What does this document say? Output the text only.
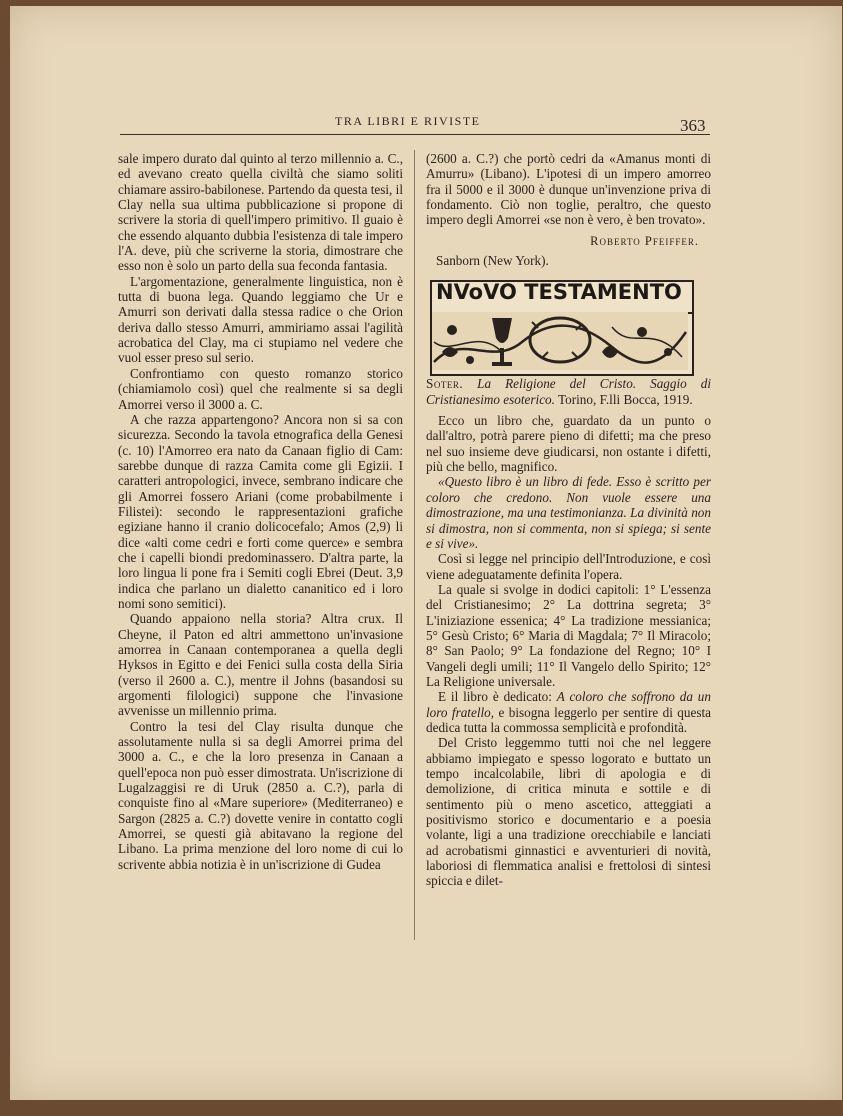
TRA LIBRI E RIVISTE	363

sale impero durato dal quinto al terzo millennio a. C., ed avevano creato quella civiltà che siamo soliti chiamare assiro-babilonese. Partendo da questa tesi, il Clay nella sua ultima pubblicazione si propone di scrivere la storia di quell'impero primitivo. Il guaio è che essendo alquanto dubbia l'esistenza di tale impero l'A. deve, più che scriverne la storia, dimostrare che esso non è solo un parto della sua feconda fantasia.

L'argomentazione, generalmente linguistica, non è tutta di buona lega. Quando leggiamo che Ur e Amurri son derivati dalla stessa radice o che Orion deriva dallo stesso Amurri, ammiriamo assai l'agilità acrobatica del Clay, ma ci stupiamo nel vedere che vuol esser preso sul serio.

Confrontiamo con questo romanzo storico (chiamiamolo così) quel che realmente si sa degli Amorrei verso il 3000 a. C.

A che razza appartengono? Ancora non si sa con sicurezza. Secondo la tavola etnografica della Genesi (c. 10) l'Amorreo era nato da Canaan figlio di Cam: sarebbe dunque di razza Camita come gli Egizii. I caratteri antropologici, invece, sembrano indicare che gli Amorrei fossero Ariani (come probabilmente i Filistei): secondo le rappresentazioni grafiche egiziane hanno il cranio dolicocefalo; Amos (2,9) li dice «alti come cedri e forti come querce» e sembra che i capelli biondi predominassero. D'altra parte, la loro lingua li pone fra i Semiti cogli Ebrei (Deut. 3,9 indica che parlano un dialetto cananitico ed i loro nomi sono semitici).

Quando appaiono nella storia? Altra crux. Il Cheyne, il Paton ed altri ammettono un'invasione amorrea in Canaan contemporanea a quella degli Hyksos in Egitto e dei Fenici sulla costa della Siria (verso il 2600 a. C.), mentre il Johns (basandosi su argomenti filologici) suppone che l'invasione avvenisse un millennio prima.

Contro la tesi del Clay risulta dunque che assolutamente nulla si sa degli Amorrei prima del 3000 a. C., e che la loro presenza in Canaan a quell'epoca non può esser dimostrata. Un'iscrizione di Lugalzaggisi re di Uruk (2850 a. C.?), parla di conquiste fino al «Mare superiore» (Mediterraneo) e Sargon (2825 a. C.?) dovette venire in contatto cogli Amorrei, se questi già abitavano la regione del Libano. La prima menzione del loro nome di cui lo scrivente abbia notizia è in un'iscrizione di Gudea

(2600 a. C.?) che portò cedri da «Amanus monti di Amurru» (Libano). L'ipotesi di un impero amorreo fra il 5000 e il 3000 è dunque un'invenzione priva di fondamento. Ciò non toglie, peraltro, che questo impero degli Amorrei «se non è vero, è ben trovato».

Roberto Pfeiffer.
Sanborn (New York).
NVoVO TESTAMENTO

Soter. La Religione del Cristo. Saggio di Cristianesimo esoterico. Torino, F.lli Bocca, 1919.

Ecco un libro che, guardato da un punto o dall'altro, potrà parere pieno di difetti; ma che preso nel suo insieme deve giudicarsi, non ostante i difetti, più che bello, magnifico.

«Questo libro è un libro di fede. Esso è scritto per coloro che credono. Non vuole essere una dimostrazione, ma una testimonianza. La divinità non si dimostra, non si commenta, non si spiega; si sente e si vive».

Così si legge nel principio dell'Introduzione, e così viene adeguatamente definita l'opera.

La quale si svolge in dodici capitoli: 1° L'essenza del Cristianesimo; 2° La dottrina segreta; 3° L'iniziazione essenica; 4° La tradizione messianica; 5° Gesù Cristo; 6° Maria di Magdala; 7° Il Miracolo; 8° San Paolo; 9° La fondazione del Regno; 10° I Vangeli degli umili; 11° Il Vangelo dello Spirito; 12° La Religione universale.

E il libro è dedicato: A coloro che soffrono da un loro fratello, e bisogna leggerlo per sentire di questa dedica tutta la commossa semplicità e profondità.

Del Cristo leggemmo tutti noi che nel leggere abbiamo impiegato e spesso logorato e buttato un tempo incalcolabile, libri di apologia e di demolizione, di critica minuta e sottile e di sentimento più o meno ascetico, atteggiati a positivismo storico e documentario e a poesia volante, ligi a una tradizione orecchiabile e lanciati ad acrobatismi ginnastici e avventurieri di novità, laboriosi di flemmatica analisi e frettolosi di sintesi spiccia e dilet-
